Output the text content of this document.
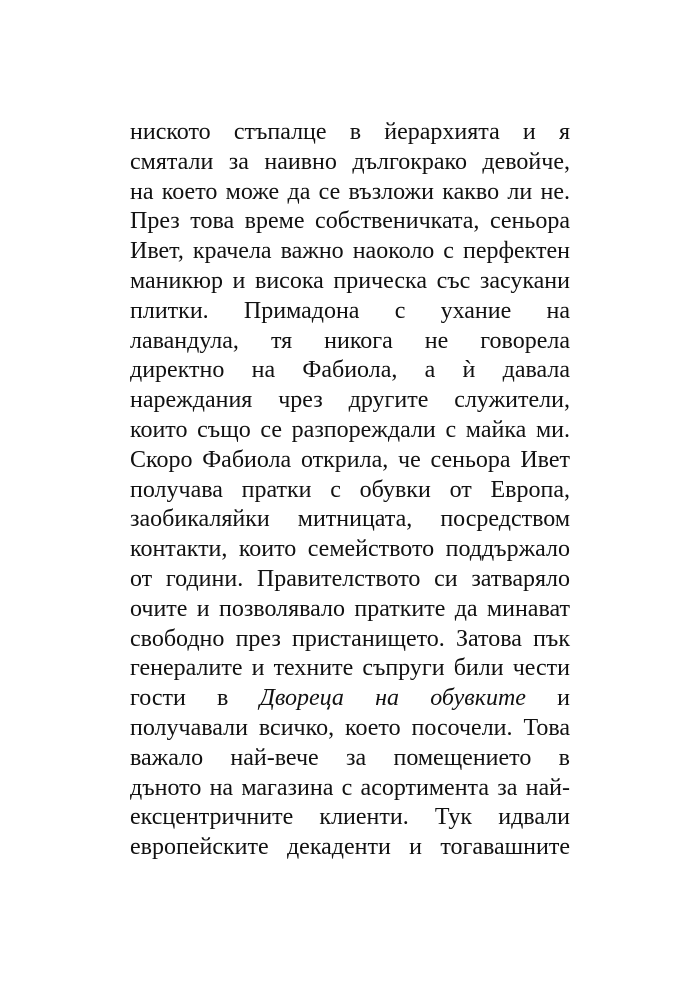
ниското стъпалце в йерархията и я
смятали за наивно дългокрако девойче,
на което може да се възложи какво ли не.
През това време собственичката, сеньора
Ивет, крачела важно наоколо с перфектен
маникюр и висока прическа със засукани
плитки. Примадона с ухание на
лавандула, тя никога не говорела
директно на Фабиола, а ѝ давала
нареждания чрез другите служители,
които също се разпореждали с майка ми.
Скоро Фабиола открила, че сеньора Ивет
получава пратки с обувки от Европа,
заобикаляйки митницата, посредством
контакти, които семейството поддържало
от години. Правителството си затваряло
очите и позволявало пратките да минават
свободно през пристанището. Затова пък
генералите и техните съпруги били чести
гости в Двореца на обувките и
получавали всичко, което посочели. Това
важало най-вече за помещението в
дъното на магазина с асортимента за най-
ексцентричните клиенти. Тук идвали
европейските декаденти и тогавашните
